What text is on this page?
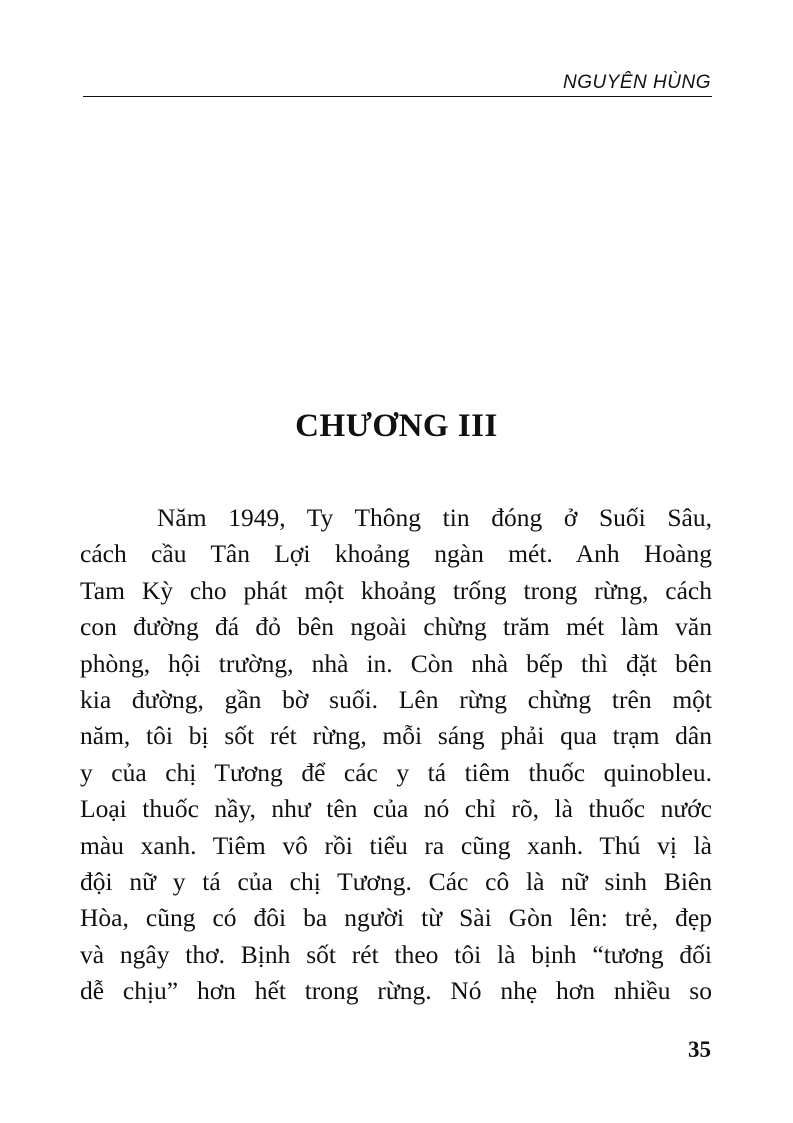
NGUYÊN HÙNG
CHƯƠNG III
Năm 1949, Ty Thông tin đóng ở Suối Sâu,
cách cầu Tân Lợi khoảng ngàn mét. Anh Hoàng
Tam Kỳ cho phát một khoảng trống trong rừng, cách
con đường đá đỏ bên ngoài chừng trăm mét làm văn
phòng, hội trường, nhà in. Còn nhà bếp thì đặt bên
kia đường, gần bờ suối. Lên rừng chừng trên một
năm, tôi bị sốt rét rừng, mỗi sáng phải qua trạm dân
y của chị Tương để các y tá tiêm thuốc quinobleu.
Loại thuốc nầy, như tên của nó chỉ rõ, là thuốc nước
màu xanh. Tiêm vô rồi tiểu ra cũng xanh. Thú vị là
đội nữ y tá của chị Tương. Các cô là nữ sinh Biên
Hòa, cũng có đôi ba người từ Sài Gòn lên: trẻ, đẹp
và ngây thơ. Bịnh sốt rét theo tôi là bịnh “tương đối
dễ chịu” hơn hết trong rừng. Nó nhẹ hơn nhiều so
35
